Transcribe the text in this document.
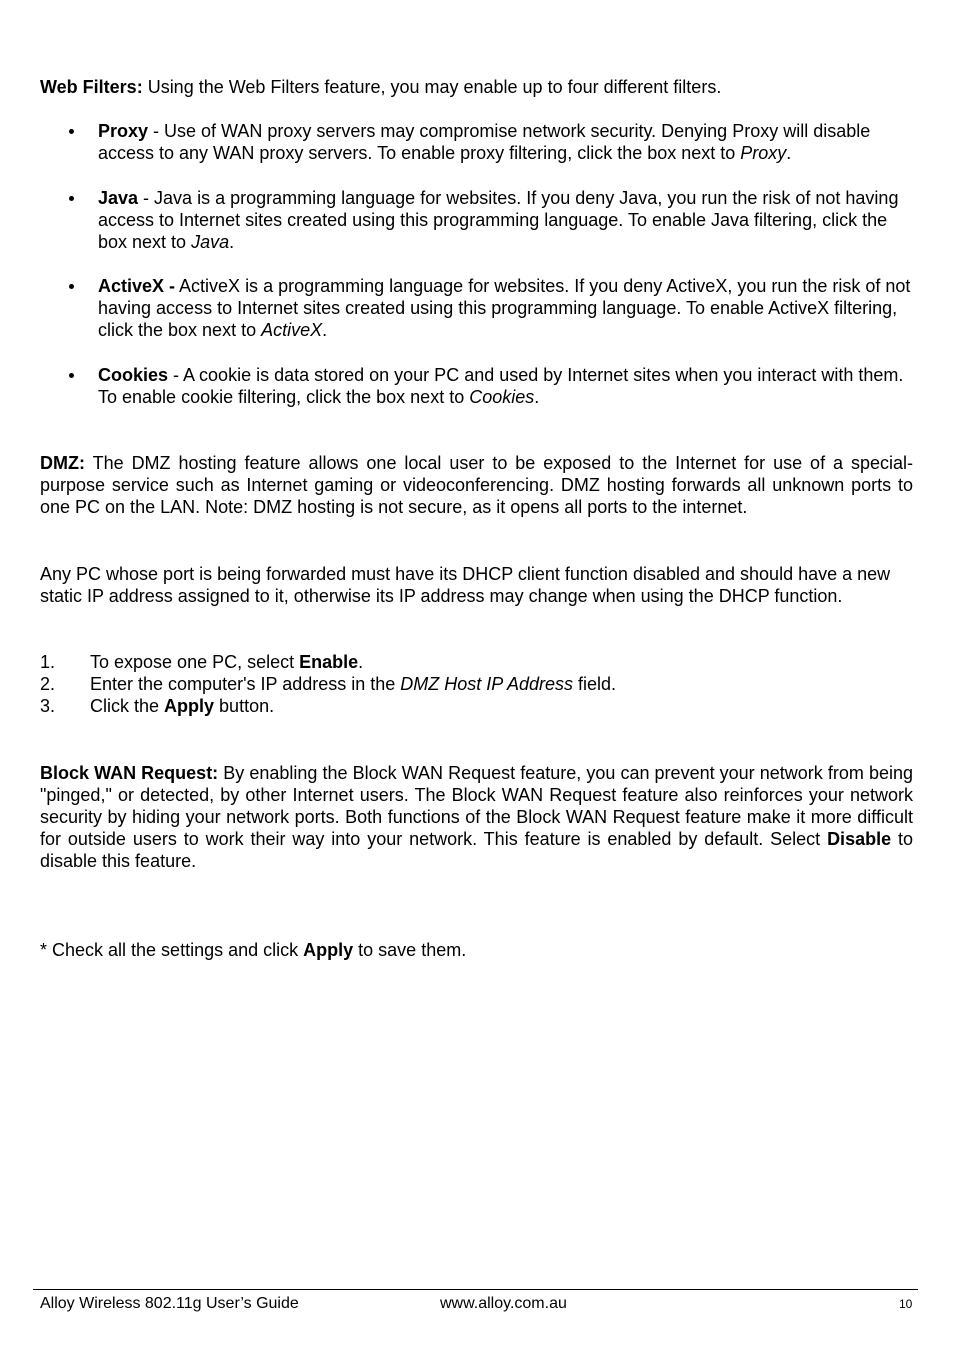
Web Filters: Using the Web Filters feature, you may enable up to four different filters.

Proxy - Use of WAN proxy servers may compromise network security. Denying Proxy will disable access to any WAN proxy servers. To enable proxy filtering, click the box next to Proxy.
Java - Java is a programming language for websites. If you deny Java, you run the risk of not having access to Internet sites created using this programming language. To enable Java filtering, click the box next to Java.
ActiveX - ActiveX is a programming language for websites. If you deny ActiveX, you run the risk of not having access to Internet sites created using this programming language. To enable ActiveX filtering, click the box next to ActiveX.
Cookies - A cookie is data stored on your PC and used by Internet sites when you interact with them. To enable cookie filtering, click the box next to Cookies.

DMZ: The DMZ hosting feature allows one local user to be exposed to the Internet for use of a special-purpose service such as Internet gaming or videoconferencing. DMZ hosting forwards all unknown ports to one PC on the LAN. Note: DMZ hosting is not secure, as it opens all ports to the internet.

Any PC whose port is being forwarded must have its DHCP client function disabled and should have a new static IP address assigned to it, otherwise its IP address may change when using the DHCP function.

1. To expose one PC, select Enable.
2. Enter the computer's IP address in the DMZ Host IP Address field.
3. Click the Apply button.

Block WAN Request: By enabling the Block WAN Request feature, you can prevent your network from being "pinged," or detected, by other Internet users. The Block WAN Request feature also reinforces your network security by hiding your network ports. Both functions of the Block WAN Request feature make it more difficult for outside users to work their way into your network. This feature is enabled by default. Select Disable to disable this feature.

* Check all the settings and click Apply to save them.

Alloy Wireless 802.11g User’s Guide	www.alloy.com.au	10
